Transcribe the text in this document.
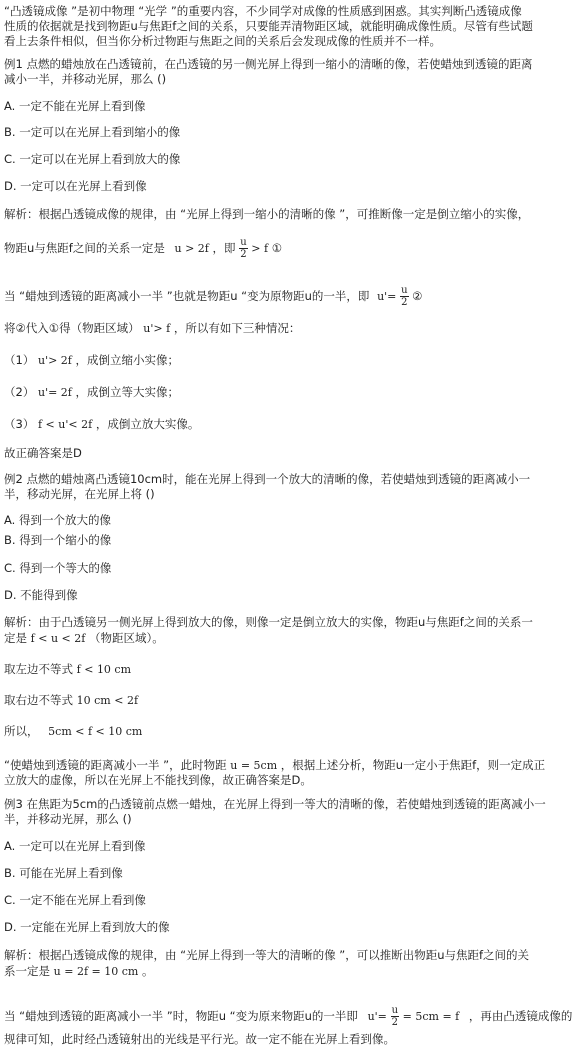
“凸透镜成像 ”是初中物理 “光学 ”的重要内容，不少同学对成像的性质感到困惑。其实判断凸透镜成像
性质的依据就是找到物距u与焦距f之间的关系，只要能弄清物距区域，就能明确成像性质。尽管有些试题
看上去条件相似，但当你分析过物距与焦距之间的关系后会发现成像的性质并不一样。
例1 点燃的蜡烛放在凸透镜前，在凸透镜的另一侧光屏上得到一缩小的清晰的像，若使蜡烛到透镜的距离
减小一半，并移动光屏，那么 ()
A. 一定不能在光屏上看到像
B. 一定可以在光屏上看到缩小的像
C. 一定可以在光屏上看到放大的像
D. 一定可以在光屏上看到像
解析：根据凸透镜成像的规律，由 “光屏上得到一缩小的清晰的像 ”，可推断像一定是倒立缩小的实像，
物距u与焦距f之间的关系一定是 u > 2f ，即 $\frac{u}{2} > f$ ①
当 “蜡烛到透镜的距离减小一半 ”也就是物距u “变为原物距u的一半，即 $u'= \frac{u}{2}$ ②
将②代入①得（物距区域） u'> f ，所以有如下三种情况：
（1） u'> 2f ，成倒立缩小实像；
（2） u'= 2f ，成倒立等大实像；
（3） f < u'< 2f ，成倒立放大实像。
故正确答案是D
例2 点燃的蜡烛离凸透镜10cm时，能在光屏上得到一个放大的清晰的像，若使蜡烛到透镜的距离减小一
半，移动光屏，在光屏上将 ()
A. 得到一个放大的像
B. 得到一个缩小的像
C. 得到一个等大的像
D. 不能得到像
解析：由于凸透镜另一侧光屏上得到放大的像，则像一定是倒立放大的实像，物距u与焦距f之间的关系一
定是 f < u < 2f （物距区域）。
取左边不等式 f < 10 cm
取右边不等式 10 cm < 2f
所以， 5cm < f < 10 cm
“使蜡烛到透镜的距离减小一半 ”，此时物距 u = 5cm ，根据上述分析，物距u一定小于焦距f，则一定成正
立放大的虚像，所以在光屏上不能找到像，故正确答案是D。
例3 在焦距为5cm的凸透镜前点燃一蜡烛，在光屏上得到一等大的清晰的像，若使蜡烛到透镜的距离减小一
半，并移动光屏，那么 ()
A. 一定可以在光屏上看到像
B. 可能在光屏上看到像
C. 一定不能在光屏上看到像
D. 一定能在光屏上看到放大的像
解析：根据凸透镜成像的规律，由 “光屏上得到一等大的清晰的像 ”，可以推断出物距u与焦距f之间的关
系一定是 u = 2f = 10 cm 。
当 “蜡烛到透镜的距离减小一半 ”时，物距u “变为原来物距u的一半即 $u'= \frac{u}{2} = 5cm = f$ ，再由凸透镜成像的
规律可知，此时经凸透镜射出的光线是平行光。故一定不能在光屏上看到像。
